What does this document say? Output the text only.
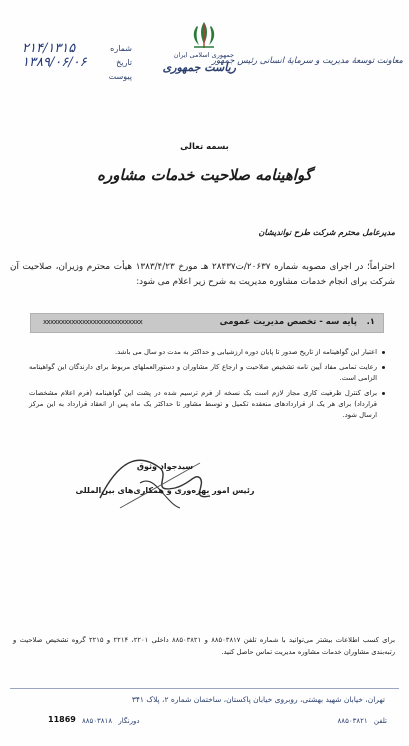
معاونت توسعهٔ مدیریت و سرمایهٔ انسانی رئیس جمهور
جمهوری اسلامی ایران
ریاست جمهوری
شماره
۲۱۴/۱۳۱۵
تاریخ
۱۳۸۹/۰۶/۰۶
پیوست
بسمه تعالی
گواهینامه صلاحیت خدمات مشاوره
مدیرعامل محترم شرکت طرح نواندیشان
احتراماً؛ در اجرای مصوبه شماره ۲۰۶۳۷/ت۲۸۴۳۷ هـ مورخ ۱۳۸۳/۴/۲۳ هیأت محترم وزیران، صلاحیت آن شرکت برای انجام خدمات مشاوره مدیریت به شرح زیر اعلام می شود:
۱.
پایه سه - تخصص مدیریت عمومی
xxxxxxxxxxxxxxxxxxxxxxxxxxxx
اعتبار این گواهینامه از تاریخ صدور تا پایان دوره ارزشیابی و حداکثر به مدت دو سال می باشد.
رعایت تمامی مفاد آیین نامه تشخیص صلاحیت و ارجاع کار مشاوران و دستورالعملهای مربوط برای دارندگان این گواهینامه الزامی است.
برای کنترل ظرفیت کاری مجاز لازم است یک نسخه از فرم ترسیم شده در پشت این گواهینامه (فرم اعلام مشخصات قرارداد) برای هر یک از قراردادهای منعقده تکمیل و توسط مشاور تا حداکثر یک ماه پس از انعقاد قرارداد به این مرکز ارسال شود.
سیدجواد وثوق
رئیس امور بهره‌وری و همکاری‌های بین‌المللی
برای کسب اطلاعات بیشتر می‌توانید با شماره تلفن ۸۸۵۰۳۸۱۷ و ۸۸۵۰۳۸۲۱ داخلی ۲۲۰۱، ۲۲۱۴ و ۲۲۱۵ گروه تشخیص صلاحیت و رتبه‌بندی مشاوران خدمات مشاوره مدیریت تماس حاصل کنید.
تهران، خیابان شهید بهشتی، روبروی خیابان پاکستان، ساختمان شماره ۲، پلاک ۳۴۱
تلفن ۸۸۵۰۳۸۲۱
دورنگار ۸۸۵۰۳۸۱۸
11869
